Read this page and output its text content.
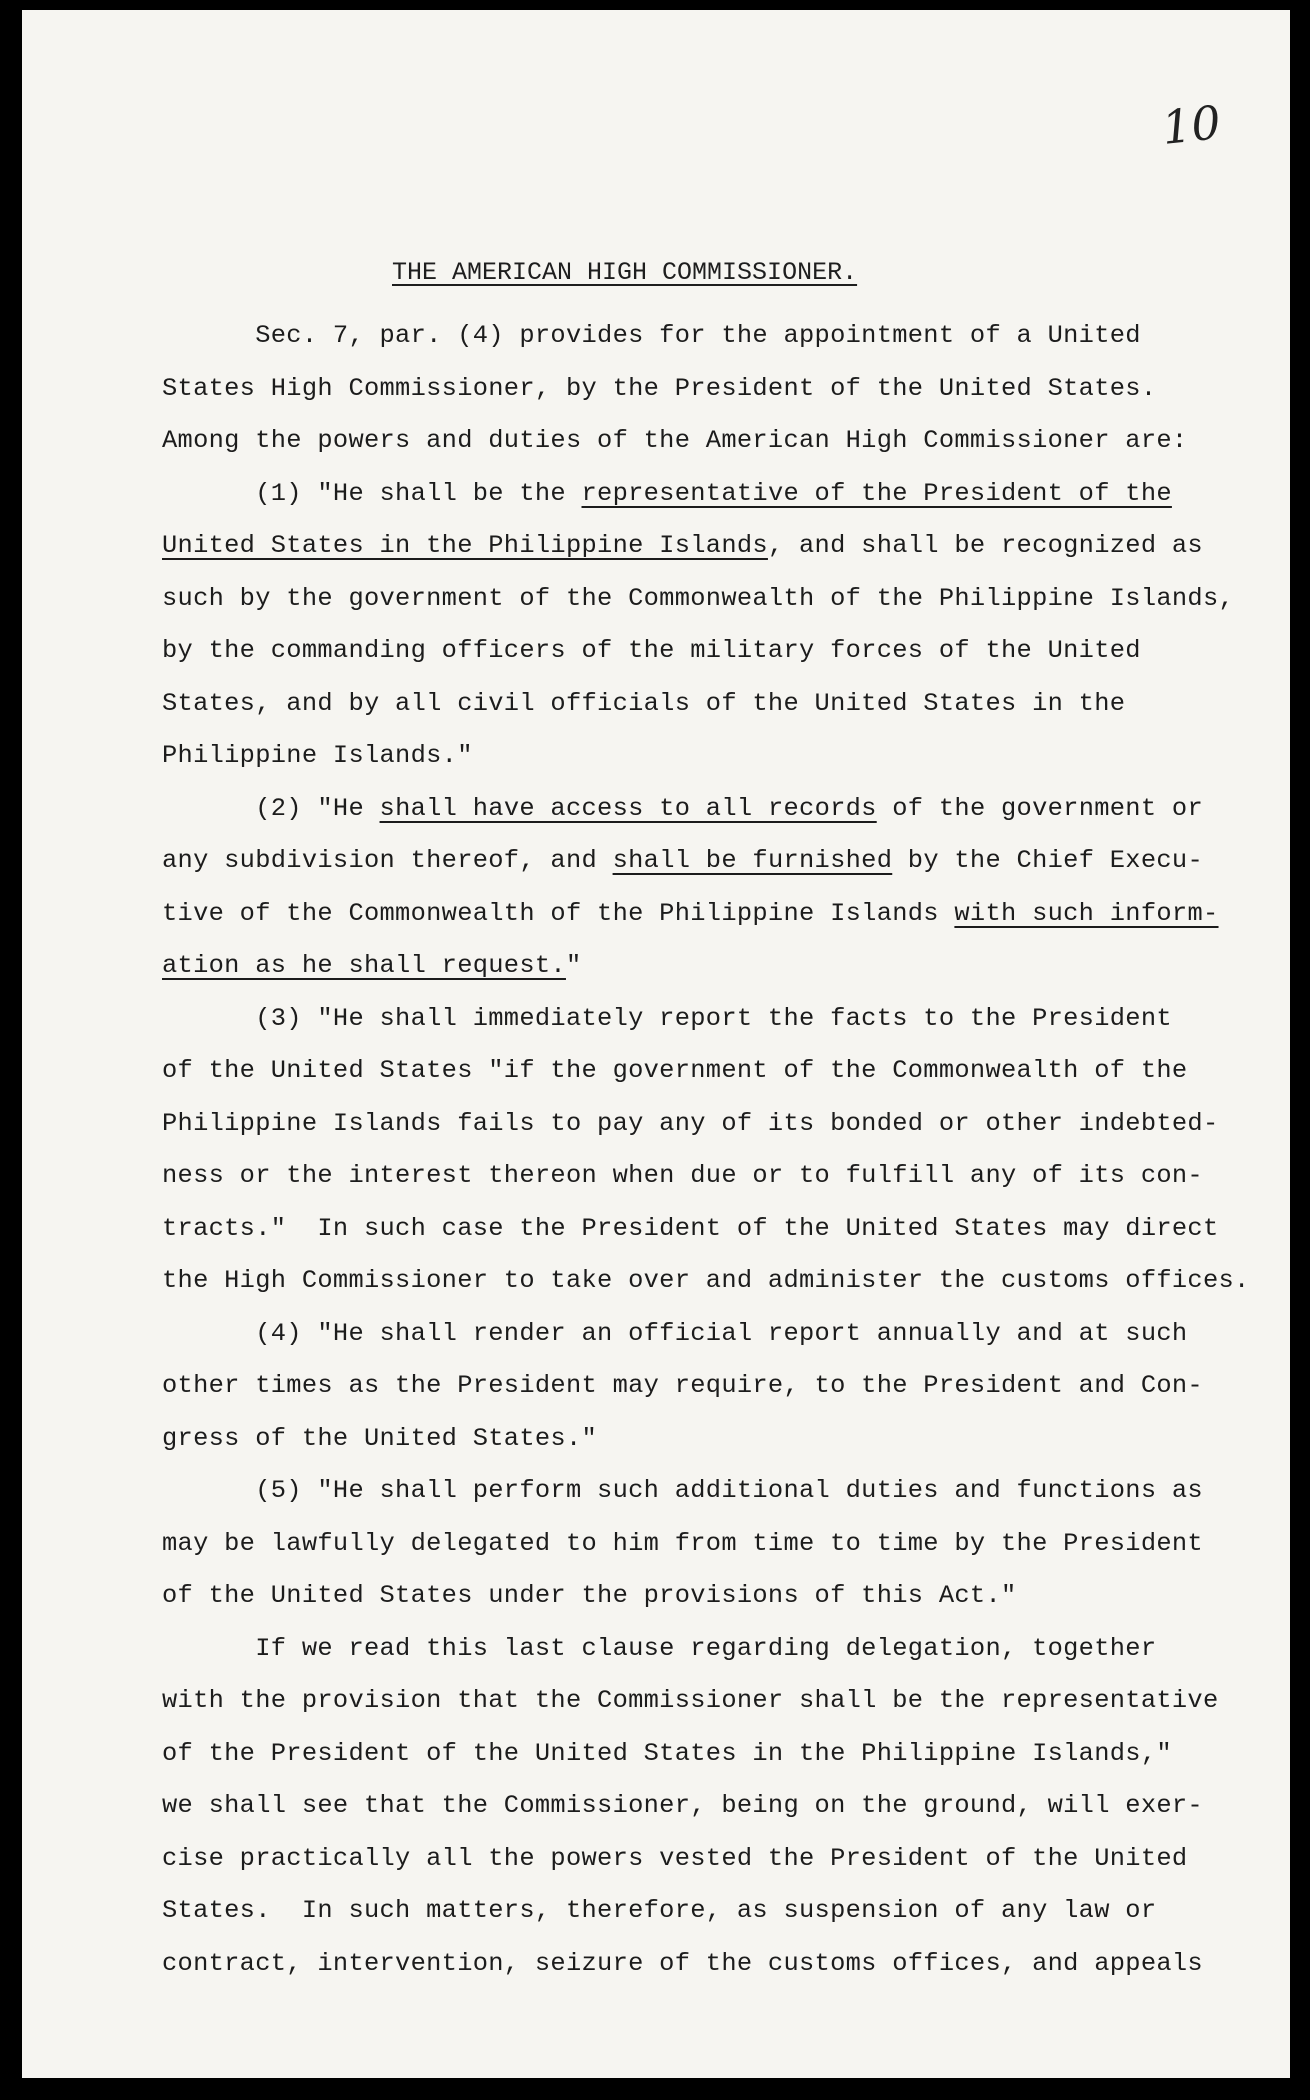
10
THE AMERICAN HIGH COMMISSIONER.
Sec. 7, par. (4) provides for the appointment of a United
States High Commissioner, by the President of the United States.
Among the powers and duties of the American High Commissioner are:
(1) "He shall be the representative of the President of the
United States in the Philippine Islands, and shall be recognized as
such by the government of the Commonwealth of the Philippine Islands,
by the commanding officers of the military forces of the United
States, and by all civil officials of the United States in the
Philippine Islands."
(2) "He shall have access to all records of the government or
any subdivision thereof, and shall be furnished by the Chief Execu-
tive of the Commonwealth of the Philippine Islands with such inform-
ation as he shall request."
(3) "He shall immediately report the facts to the President
of the United States "if the government of the Commonwealth of the
Philippine Islands fails to pay any of its bonded or other indebted-
ness or the interest thereon when due or to fulfill any of its con-
tracts."  In such case the President of the United States may direct
the High Commissioner to take over and administer the customs offices.
(4) "He shall render an official report annually and at such
other times as the President may require, to the President and Con-
gress of the United States."
(5) "He shall perform such additional duties and functions as
may be lawfully delegated to him from time to time by the President
of the United States under the provisions of this Act."
If we read this last clause regarding delegation, together
with the provision that the Commissioner shall be the representative
of the President of the United States in the Philippine Islands,"
we shall see that the Commissioner, being on the ground, will exer-
cise practically all the powers vested the President of the United
States.  In such matters, therefore, as suspension of any law or
contract, intervention, seizure of the customs offices, and appeals
